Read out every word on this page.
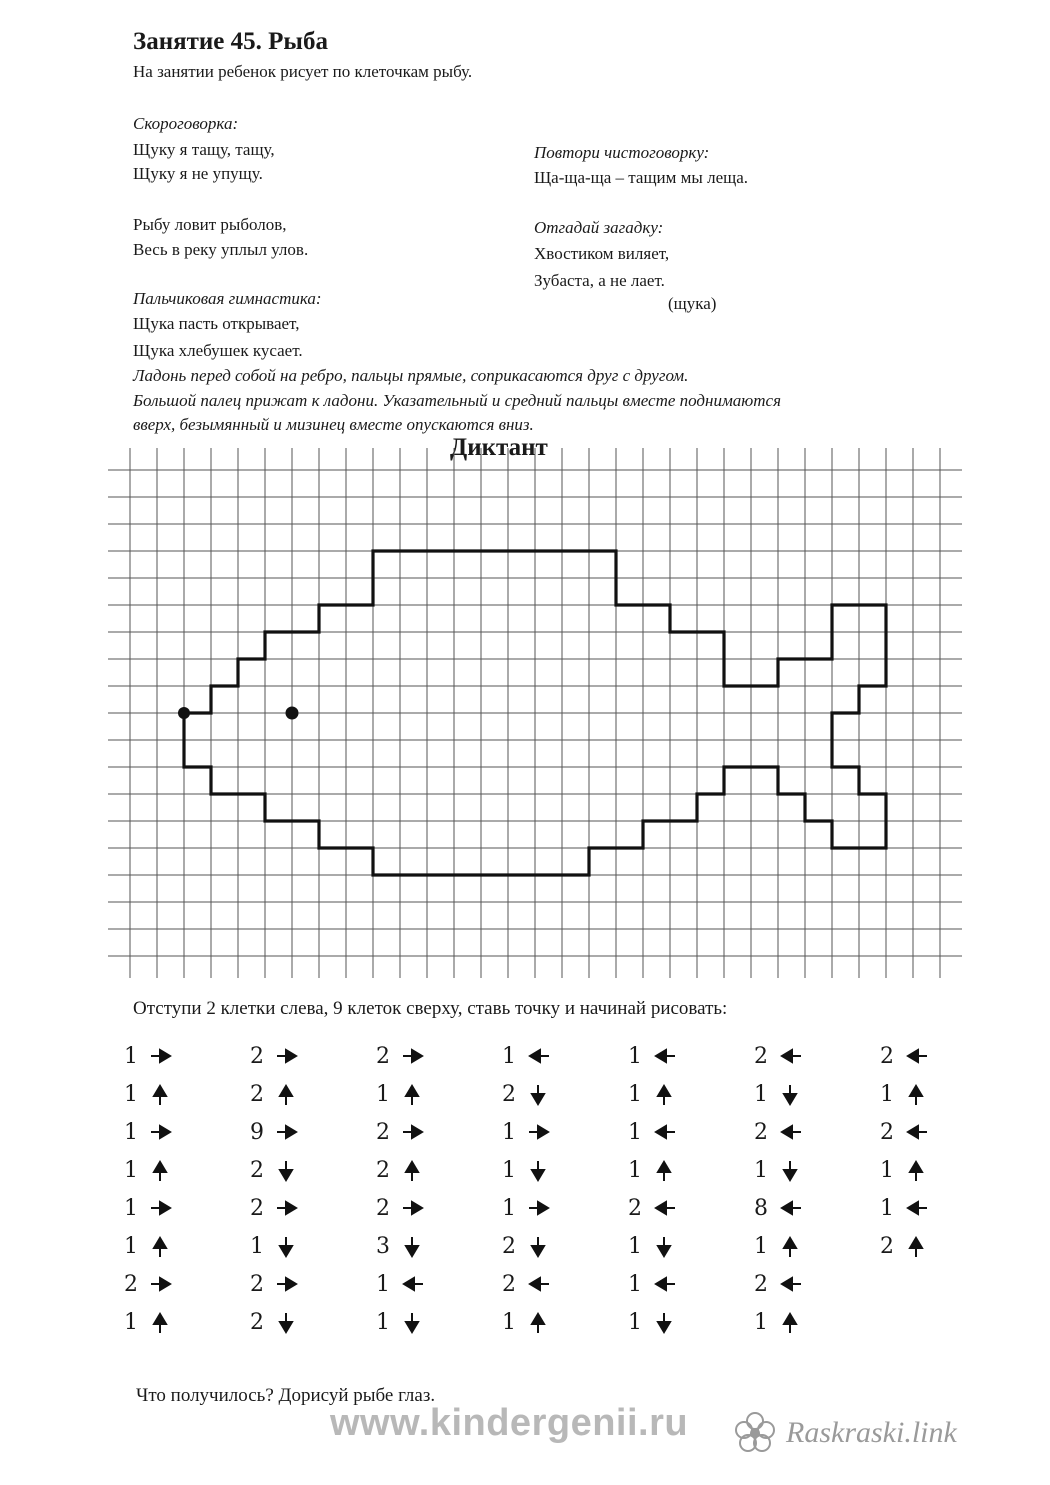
Занятие 45. Рыба
На занятии ребенок рисует по клеточкам рыбу.
Скороговорка:
Щуку я тащу, тащу,
Щуку я не упущу.
Рыбу ловит рыболов,
Весь в реку уплыл улов.
Пальчиковая гимнастика:
Щука пасть открывает,
Щука хлебушек кусает.
Ладонь перед собой на ребро, пальцы прямые, соприкасаются друг с другом.
Большой палец прижат к ладони. Указательный и средний пальцы вместе поднимаются
вверх, безымянный и мизинец вместе опускаются вниз.
Повтори чистоговорку:
Ща-ща-ща – тащим мы леща.
Отгадай загадку:
Хвостиком виляет,
Зубаста, а не лает.
(щука)
Диктант
Отступи 2 клетки слева, 9 клеток сверху, ставь точку и начинай рисовать:
1
1
1
1
1
1
2
1
2
2
9
2
2
1
2
2
2
1
2
2
2
3
1
1
1
2
1
1
1
2
2
1
1
1
1
1
2
1
1
1
2
1
2
1
8
1
2
1
2
1
2
1
1
2
Что получилось? Дорисуй рыбе глаз.
www.kindergenii.ru	Raskraski.link
